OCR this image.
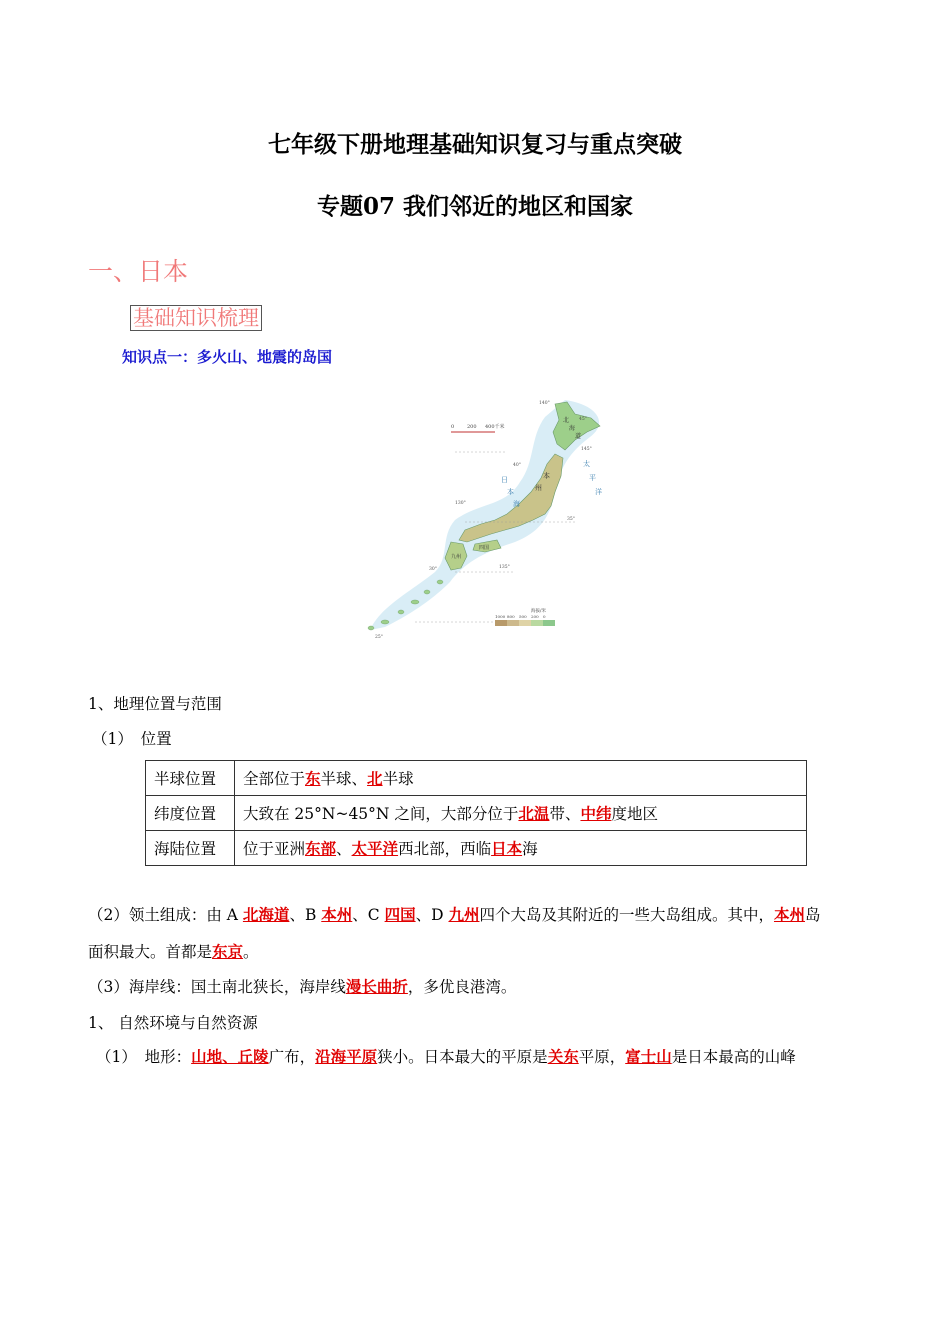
七年级下册地理基础知识复习与重点突破
专题07 我们邻近的地区和国家
一、日本
基础知识梳理
知识点一：多火山、地震的岛国
0	200 400千米
北
海
道
本
州
四国
九州
日
本
海
太
平
洋
140°
145°
130°
135°
45°
40°
35°
30°
25°
海拔/米
1000 800 500 200 0
1、地理位置与范围
（1）　位置
半球位置	全部位于东半球、北半球
纬度位置	大致在 25°N~45°N 之间，大部分位于北温带、中纬度地区
海陆位置	位于亚洲东部、太平洋西北部，西临日本海
（2）领土组成：由 A 北海道、B 本州、C 四国、D 九州四个大岛及其附近的一些大岛组成。其中，本州岛
面积最大。首都是东京。
（3）海岸线：国土南北狭长，海岸线漫长曲折，多优良港湾。
1、 自然环境与自然资源
（1）　地形：山地、丘陵广布，沿海平原狭小。日本最大的平原是关东平原，富士山是日本最高的山峰
